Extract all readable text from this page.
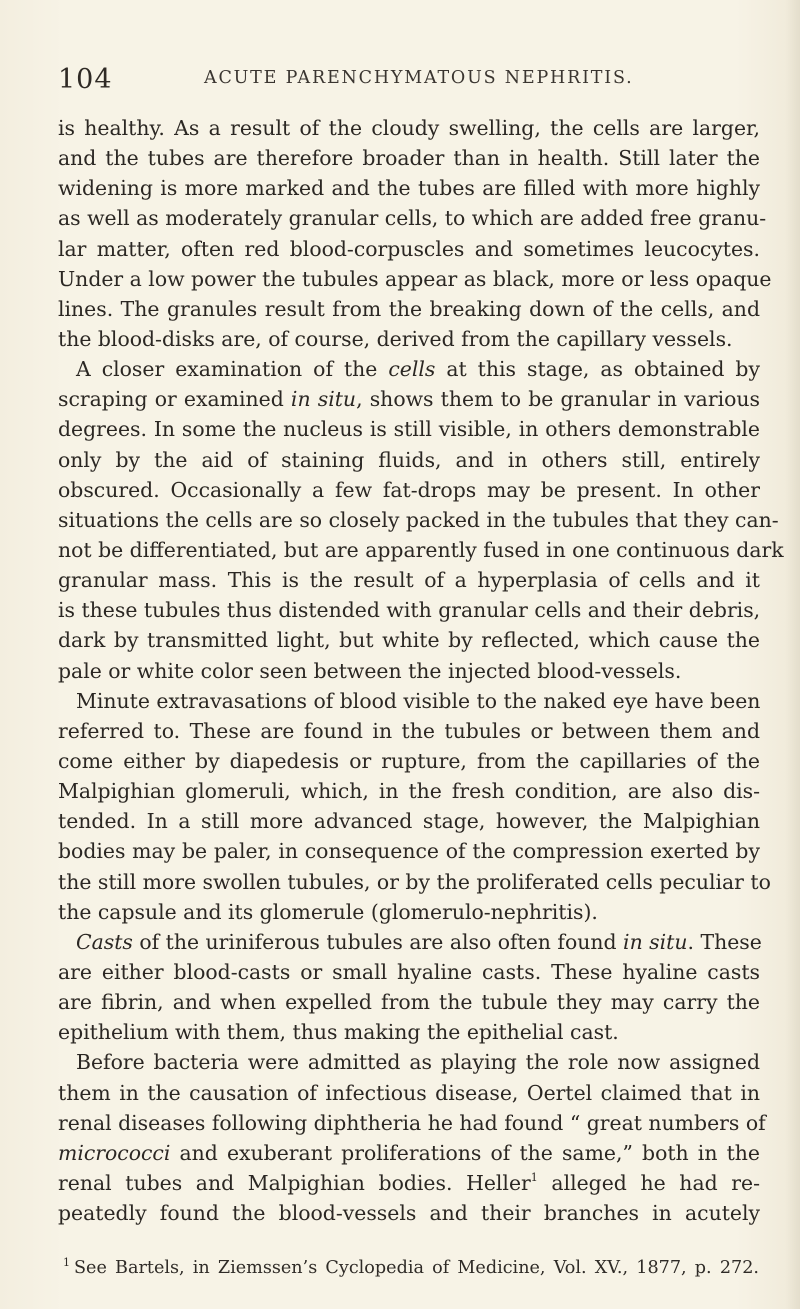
104	ACUTE PARENCHYMATOUS NEPHRITIS.
is healthy. As a result of the cloudy swelling, the cells are larger,
and the tubes are therefore broader than in health. Still later the
widening is more marked and the tubes are filled with more highly
as well as moderately granular cells, to which are added free granu-
lar matter, often red blood-corpuscles and sometimes leucocytes.
Under a low power the tubules appear as black, more or less opaque
lines. The granules result from the breaking down of the cells, and
the blood-disks are, of course, derived from the capillary vessels.
A closer examination of the cells at this stage, as obtained by
scraping or examined in situ, shows them to be granular in various
degrees. In some the nucleus is still visible, in others demonstrable
only by the aid of staining fluids, and in others still, entirely
obscured. Occasionally a few fat-drops may be present. In other
situations the cells are so closely packed in the tubules that they can-
not be differentiated, but are apparently fused in one continuous dark
granular mass. This is the result of a hyperplasia of cells and it
is these tubules thus distended with granular cells and their debris,
dark by transmitted light, but white by reflected, which cause the
pale or white color seen between the injected blood-vessels.
Minute extravasations of blood visible to the naked eye have been
referred to. These are found in the tubules or between them and
come either by diapedesis or rupture, from the capillaries of the
Malpighian glomeruli, which, in the fresh condition, are also dis-
tended. In a still more advanced stage, however, the Malpighian
bodies may be paler, in consequence of the compression exerted by
the still more swollen tubules, or by the proliferated cells peculiar to
the capsule and its glomerule (glomerulo-nephritis).
Casts of the uriniferous tubules are also often found in situ. These
are either blood-casts or small hyaline casts. These hyaline casts
are fibrin, and when expelled from the tubule they may carry the
epithelium with them, thus making the epithelial cast.
Before bacteria were admitted as playing the role now assigned
them in the causation of infectious disease, Oertel claimed that in
renal diseases following diphtheria he had found “ great numbers of
micrococci and exuberant proliferations of the same,” both in the
renal tubes and Malpighian bodies. Heller$^1$ alleged he had re-
peatedly found the blood-vessels and their branches in acutely
$^1$ See Bartels, in Ziemssen’s Cyclopedia of Medicine, Vol. XV., 1877, p. 272.
